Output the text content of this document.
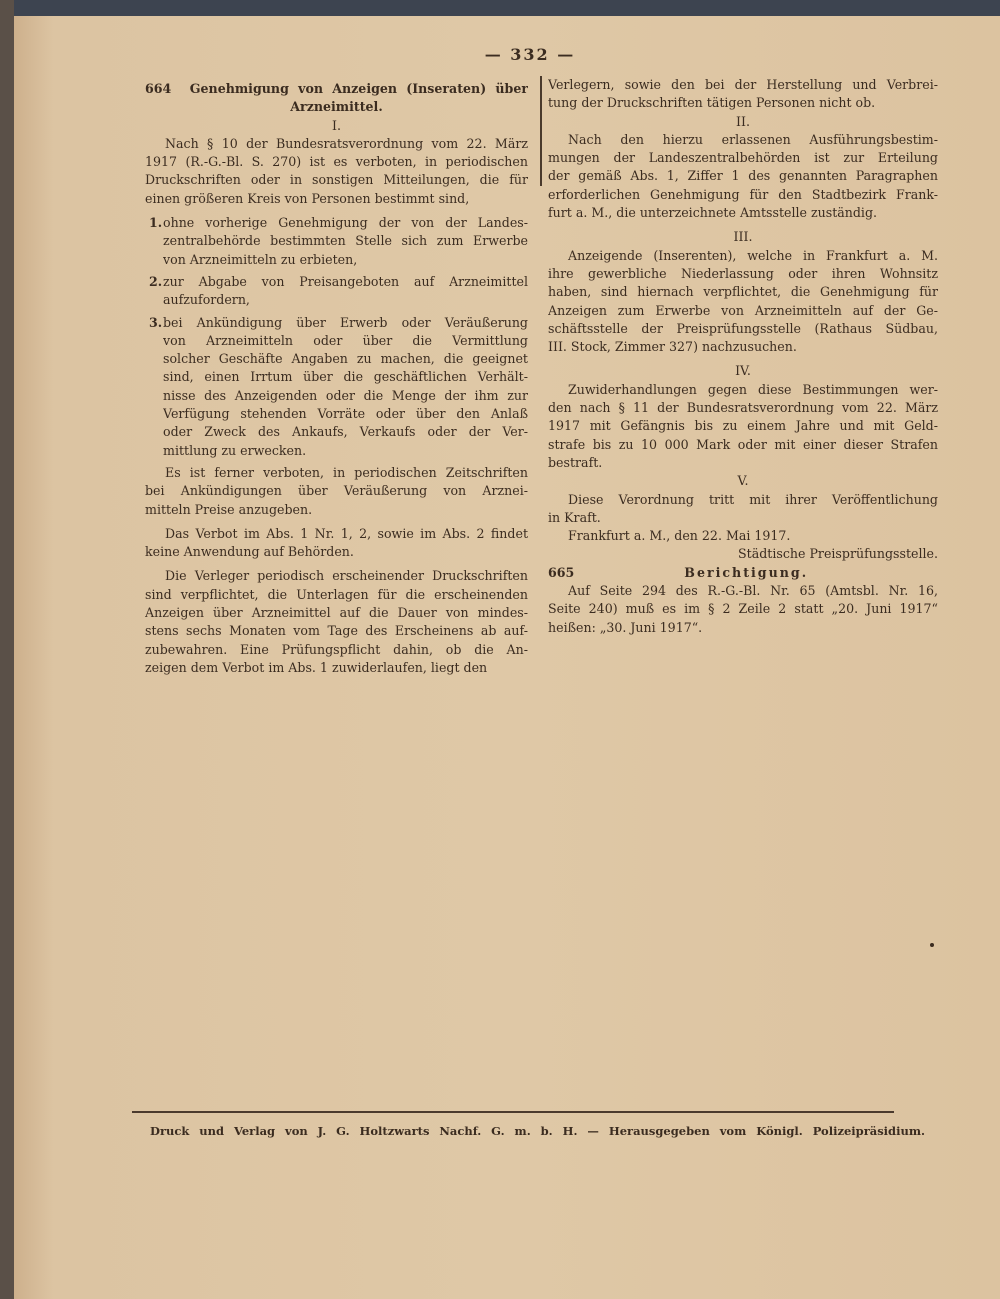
— 332 —
664 Genehmigung von Anzeigen (Inseraten) über
Arzneimittel.
I.
Nach § 10 der Bundesratsverordnung vom 22. März
1917 (R.-G.-Bl. S. 270) ist es verboten, in periodischen
Druckschriften oder in sonstigen Mitteilungen, die für
einen größeren Kreis von Personen bestimmt sind,
1. ohne vorherige Genehmigung der von der Landes-
zentralbehörde bestimmten Stelle sich zum Erwerbe
von Arzneimitteln zu erbieten,
2. zur Abgabe von Preisangeboten auf Arzneimittel
aufzufordern,
3. bei Ankündigung über Erwerb oder Veräußerung
von Arzneimitteln oder über die Vermittlung
solcher Geschäfte Angaben zu machen, die geeignet
sind, einen Irrtum über die geschäftlichen Verhält-
nisse des Anzeigenden oder die Menge der ihm zur
Verfügung stehenden Vorräte oder über den Anlaß
oder Zweck des Ankaufs, Verkaufs oder der Ver-
mittlung zu erwecken.
Es ist ferner verboten, in periodischen Zeitschriften
bei Ankündigungen über Veräußerung von Arznei-
mitteln Preise anzugeben.
Das Verbot im Abs. 1 Nr. 1, 2, sowie im Abs. 2 findet
keine Anwendung auf Behörden.
Die Verleger periodisch erscheinender Druckschriften
sind verpflichtet, die Unterlagen für die erscheinenden
Anzeigen über Arzneimittel auf die Dauer von mindes-
stens sechs Monaten vom Tage des Erscheinens ab auf-
zubewahren. Eine Prüfungspflicht dahin, ob die An-
zeigen dem Verbot im Abs. 1 zuwiderlaufen, liegt den
Verlegern, sowie den bei der Herstellung und Verbrei-
tung der Druckschriften tätigen Personen nicht ob.
II.
Nach den hierzu erlassenen Ausführungsbestim-
mungen der Landeszentralbehörden ist zur Erteilung
der gemäß Abs. 1, Ziffer 1 des genannten Paragraphen
erforderlichen Genehmigung für den Stadtbezirk Frank-
furt a. M., die unterzeichnete Amtsstelle zuständig.
III.
Anzeigende (Inserenten), welche in Frankfurt a. M.
ihre gewerbliche Niederlassung oder ihren Wohnsitz
haben, sind hiernach verpflichtet, die Genehmigung für
Anzeigen zum Erwerbe von Arzneimitteln auf der Ge-
schäftsstelle der Preisprüfungsstelle (Rathaus Südbau,
III. Stock, Zimmer 327) nachzusuchen.
IV.
Zuwiderhandlungen gegen diese Bestimmungen wer-
den nach § 11 der Bundesratsverordnung vom 22. März
1917 mit Gefängnis bis zu einem Jahre und mit Geld-
strafe bis zu 10 000 Mark oder mit einer dieser Strafen
bestraft.
V.
Diese Verordnung tritt mit ihrer Veröffentlichung
in Kraft.
Frankfurt a. M., den 22. Mai 1917.
Städtische Preisprüfungsstelle.
665	Berichtigung.
Auf Seite 294 des R.-G.-Bl. Nr. 65 (Amtsbl. Nr. 16,
Seite 240) muß es im § 2 Zeile 2 statt „20. Juni 1917“
heißen: „30. Juni 1917“.
Druck und Verlag von J. G. Holtzwarts Nachf. G. m. b. H. — Herausgegeben vom Königl. Polizeipräsidium.
